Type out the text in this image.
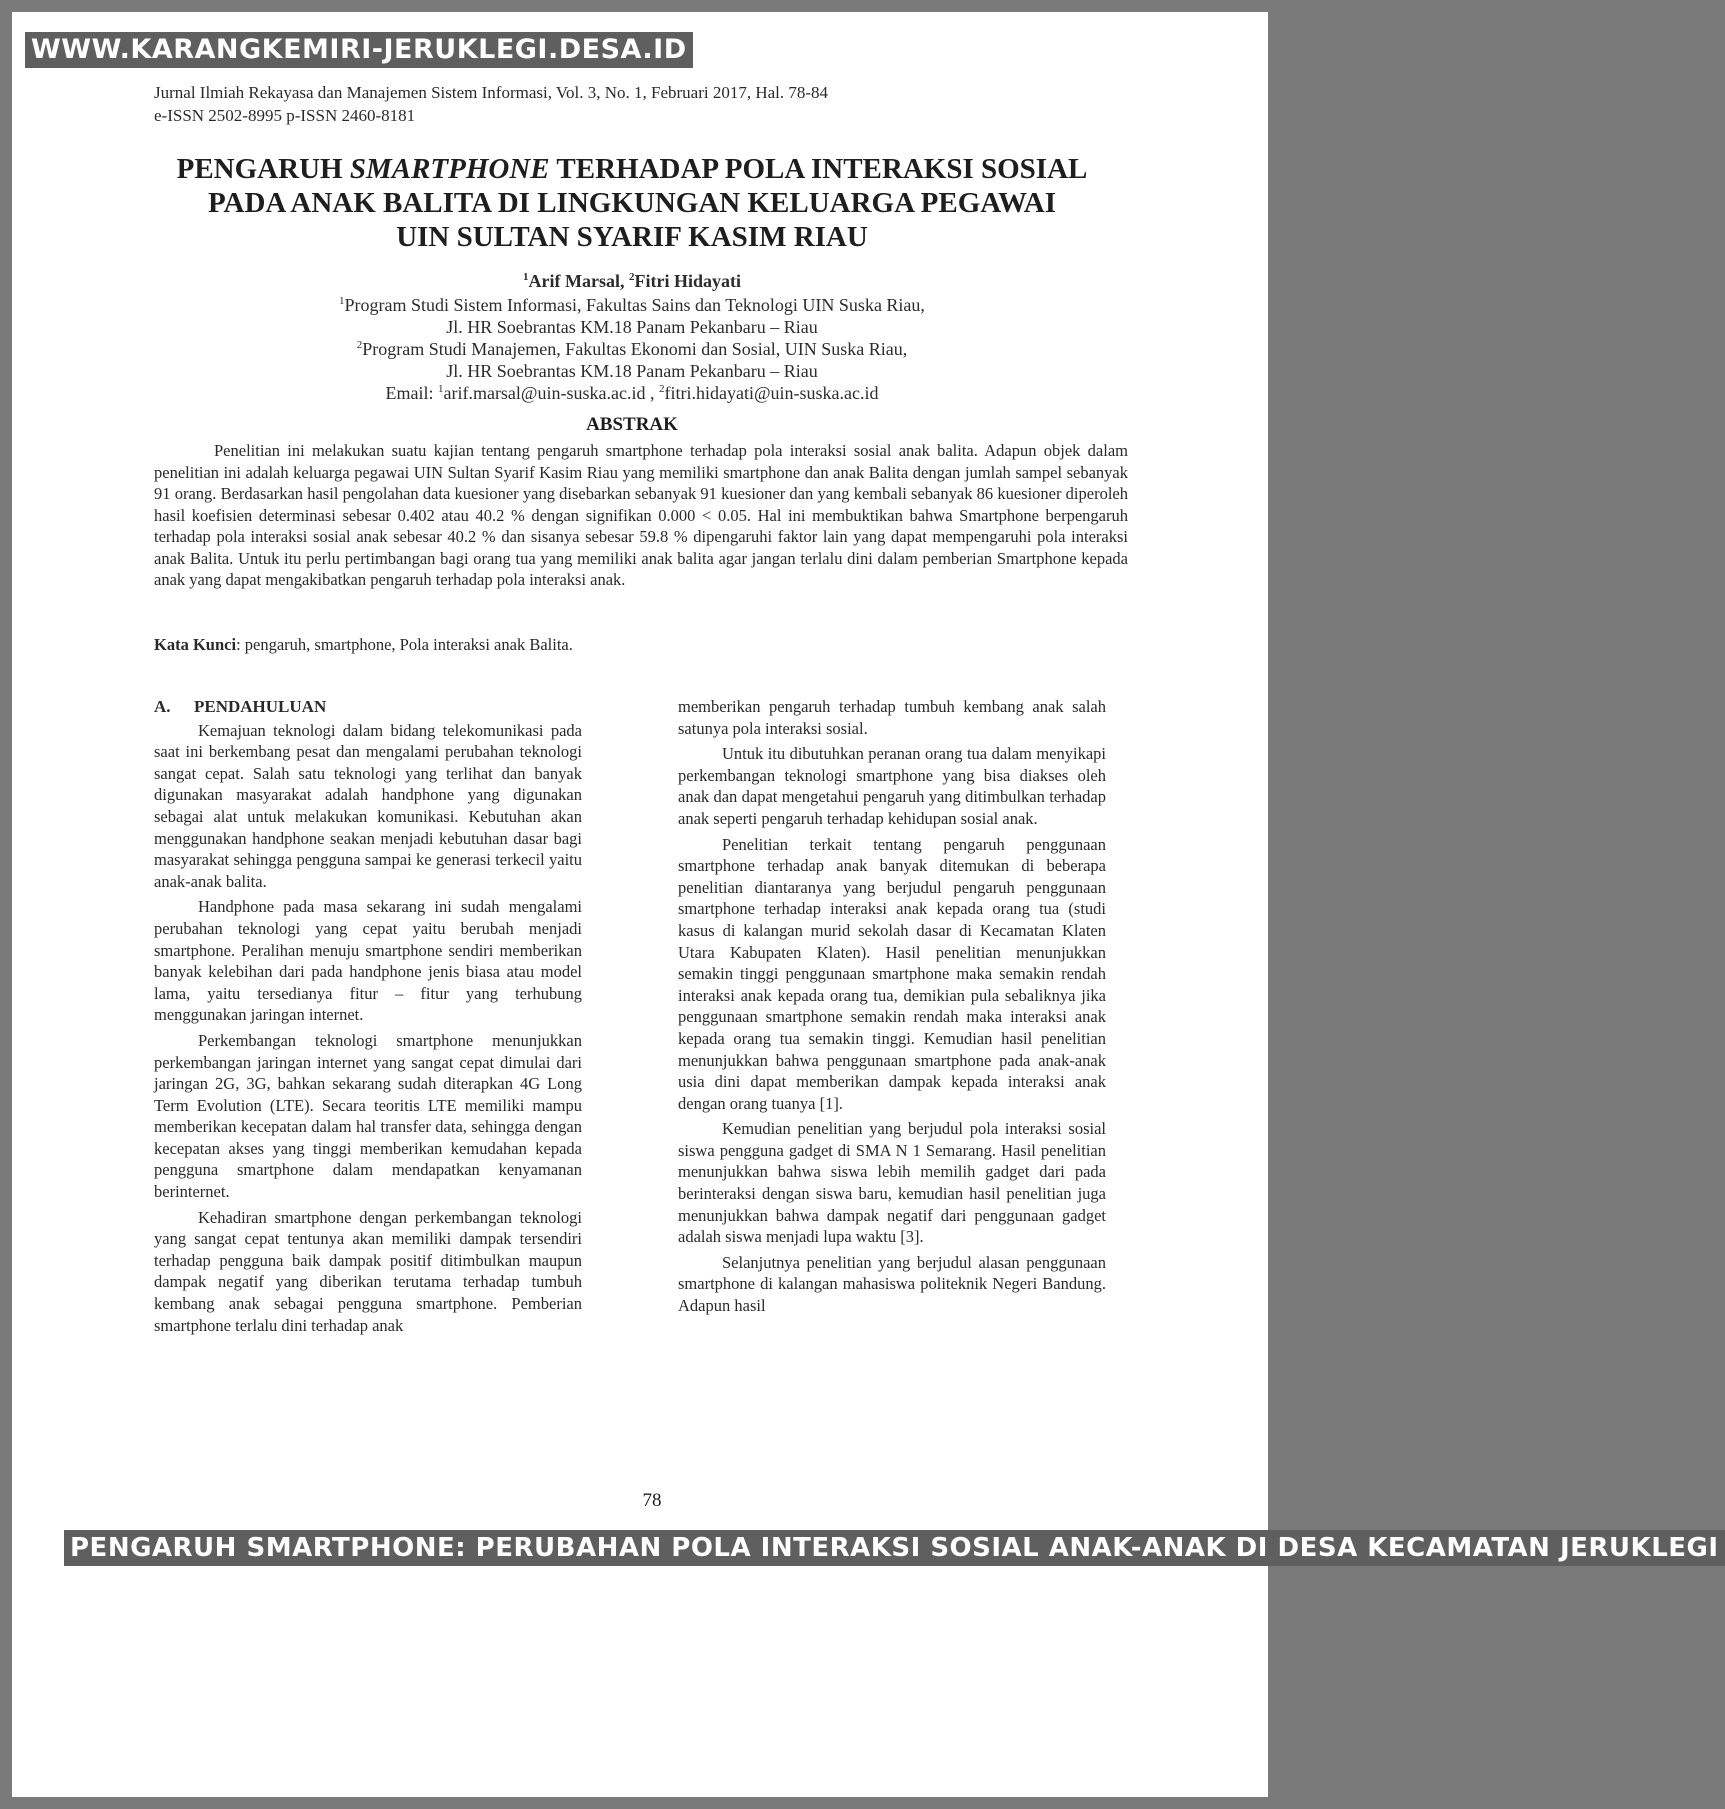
WWW.KARANGKEMIRI-JERUKLEGI.DESA.ID
Jurnal Ilmiah Rekayasa dan Manajemen Sistem Informasi, Vol. 3, No. 1, Februari 2017, Hal. 78-84
e-ISSN 2502-8995 p-ISSN 2460-8181
PENGARUH SMARTPHONE TERHADAP POLA INTERAKSI SOSIAL
PADA ANAK BALITA DI LINGKUNGAN KELUARGA PEGAWAI
UIN SULTAN SYARIF KASIM RIAU
$^1$Arif Marsal, $^2$Fitri Hidayati
$^1$Program Studi Sistem Informasi, Fakultas Sains dan Teknologi UIN Suska Riau,
Jl. HR Soebrantas KM.18 Panam Pekanbaru – Riau
$^2$Program Studi Manajemen, Fakultas Ekonomi dan Sosial, UIN Suska Riau,
Jl. HR Soebrantas KM.18 Panam Pekanbaru – Riau
Email: $^1$arif.marsal@uin-suska.ac.id , $^2$fitri.hidayati@uin-suska.ac.id
ABSTRAK

Penelitian ini melakukan suatu kajian tentang pengaruh smartphone terhadap pola interaksi sosial anak balita. Adapun objek dalam penelitian ini adalah keluarga pegawai UIN Sultan Syarif Kasim Riau yang memiliki smartphone dan anak Balita dengan jumlah sampel sebanyak 91 orang. Berdasarkan hasil pengolahan data kuesioner yang disebarkan sebanyak 91 kuesioner dan yang kembali sebanyak 86 kuesioner diperoleh hasil koefisien determinasi sebesar 0.402 atau 40.2 % dengan signifikan 0.000 < 0.05. Hal ini membuktikan bahwa Smartphone berpengaruh terhadap pola interaksi sosial anak sebesar 40.2 % dan sisanya sebesar 59.8 % dipengaruhi faktor lain yang dapat mempengaruhi pola interaksi anak Balita. Untuk itu perlu pertimbangan bagi orang tua yang memiliki anak balita agar jangan terlalu dini dalam pemberian Smartphone kepada anak yang dapat mengakibatkan pengaruh terhadap pola interaksi anak.

Kata Kunci: pengaruh, smartphone, Pola interaksi anak Balita.
A. PENDAHULUAN

Kemajuan teknologi dalam bidang telekomunikasi pada saat ini berkembang pesat dan mengalami perubahan teknologi sangat cepat. Salah satu teknologi yang terlihat dan banyak digunakan masyarakat adalah handphone yang digunakan sebagai alat untuk melakukan komunikasi. Kebutuhan akan menggunakan handphone seakan menjadi kebutuhan dasar bagi masyarakat sehingga pengguna sampai ke generasi terkecil yaitu anak-anak balita.

Handphone pada masa sekarang ini sudah mengalami perubahan teknologi yang cepat yaitu berubah menjadi smartphone. Peralihan menuju smartphone sendiri memberikan banyak kelebihan dari pada handphone jenis biasa atau model lama, yaitu tersedianya fitur – fitur yang terhubung menggunakan jaringan internet.

Perkembangan teknologi smartphone menunjukkan perkembangan jaringan internet yang sangat cepat dimulai dari jaringan 2G, 3G, bahkan sekarang sudah diterapkan 4G Long Term Evolution (LTE). Secara teoritis LTE memiliki mampu memberikan kecepatan dalam hal transfer data, sehingga dengan kecepatan akses yang tinggi memberikan kemudahan kepada pengguna smartphone dalam mendapatkan kenyamanan berinternet.

Kehadiran smartphone dengan perkembangan teknologi yang sangat cepat tentunya akan memiliki dampak tersendiri terhadap pengguna baik dampak positif ditimbulkan maupun dampak negatif yang diberikan terutama terhadap tumbuh kembang anak sebagai pengguna smartphone. Pemberian smartphone terlalu dini terhadap anak

memberikan pengaruh terhadap tumbuh kembang anak salah satunya pola interaksi sosial.

Untuk itu dibutuhkan peranan orang tua dalam menyikapi perkembangan teknologi smartphone yang bisa diakses oleh anak dan dapat mengetahui pengaruh yang ditimbulkan terhadap anak seperti pengaruh terhadap kehidupan sosial anak.

Penelitian terkait tentang pengaruh penggunaan smartphone terhadap anak banyak ditemukan di beberapa penelitian diantaranya yang berjudul pengaruh penggunaan smartphone terhadap interaksi anak kepada orang tua (studi kasus di kalangan murid sekolah dasar di Kecamatan Klaten Utara Kabupaten Klaten). Hasil penelitian menunjukkan semakin tinggi penggunaan smartphone maka semakin rendah interaksi anak kepada orang tua, demikian pula sebaliknya jika penggunaan smartphone semakin rendah maka interaksi anak kepada orang tua semakin tinggi. Kemudian hasil penelitian menunjukkan bahwa penggunaan smartphone pada anak-anak usia dini dapat memberikan dampak kepada interaksi anak dengan orang tuanya [1].

Kemudian penelitian yang berjudul pola interaksi sosial siswa pengguna gadget di SMA N 1 Semarang. Hasil penelitian menunjukkan bahwa siswa lebih memilih gadget dari pada berinteraksi dengan siswa baru, kemudian hasil penelitian juga menunjukkan bahwa dampak negatif dari penggunaan gadget adalah siswa menjadi lupa waktu [3].

Selanjutnya penelitian yang berjudul alasan penggunaan smartphone di kalangan mahasiswa politeknik Negeri Bandung. Adapun hasil

78
PENGARUH SMARTPHONE: PERUBAHAN POLA INTERAKSI SOSIAL ANAK-ANAK DI DESA KECAMATAN JERUKLEGI
